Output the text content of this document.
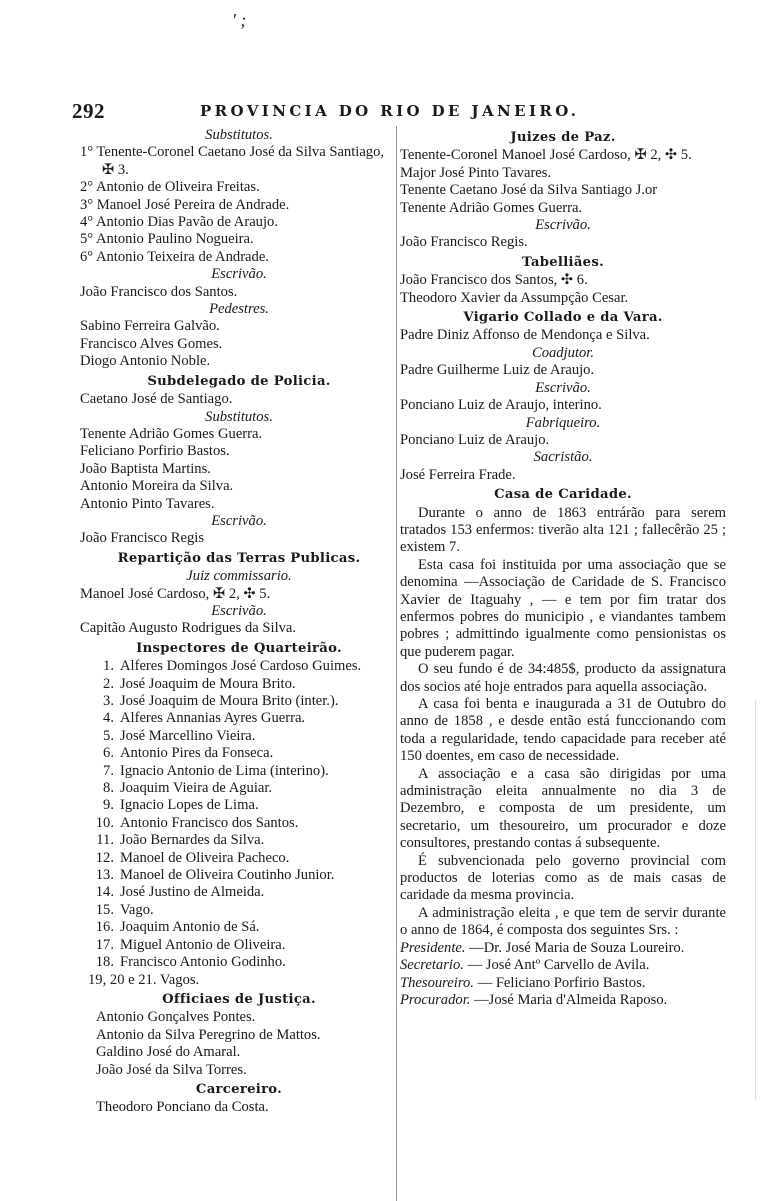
' ;
292	PROVINCIA DO RIO DE JANEIRO.
Substitutos.
1° Tenente-Coronel Caetano José da Silva Santiago, ✠ 3.
2° Antonio de Oliveira Freitas.
3° Manoel José Pereira de Andrade.
4° Antonio Dias Pavão de Araujo.
5° Antonio Paulino Nogueira.
6° Antonio Teixeira de Andrade.
Escrivão.
João Francisco dos Santos.
Pedestres.
Sabino Ferreira Galvão.
Francisco Alves Gomes.
Diogo Antonio Noble.
Subdelegado de Policia.
Caetano José de Santiago.
Substitutos.
Tenente Adrião Gomes Guerra.
Feliciano Porfirio Bastos.
João Baptista Martins.
Antonio Moreira da Silva.
Antonio Pinto Tavares.
Escrivão.
João Francisco Regis
Repartição das Terras Publicas.
Juiz commissario.
Manoel José Cardoso, ✠ 2, ✣ 5.
Escrivão.
Capitão Augusto Rodrigues da Silva.
Inspectores de Quarteirão.
1. Alferes Domingos José Cardoso Guimes.
2. José Joaquim de Moura Brito.
3. José Joaquim de Moura Brito (inter.).
4. Alferes Annanias Ayres Guerra.
5. José Marcellino Vieira.
6. Antonio Pires da Fonseca.
7. Ignacio Antonio de Lima (interino).
8. Joaquim Vieira de Aguiar.
9. Ignacio Lopes de Lima.
10. Antonio Francisco dos Santos.
11. João Bernardes da Silva.
12. Manoel de Oliveira Pacheco.
13. Manoel de Oliveira Coutinho Junior.
14. José Justino de Almeida.
15. Vago.
16. Joaquim Antonio de Sá.
17. Miguel Antonio de Oliveira.
18. Francisco Antonio Godinho.
19, 20 e 21. Vagos.
Officiaes de Justiça.
Antonio Gonçalves Pontes.
Antonio da Silva Peregrino de Mattos.
Galdino José do Amaral.
João José da Silva Torres.
Carcereiro.
Theodoro Ponciano da Costa.
Juizes de Paz.
Tenente-Coronel Manoel José Cardoso, ✠ 2, ✣ 5.
Major José Pinto Tavares.
Tenente Caetano José da Silva Santiago J.or
Tenente Adrião Gomes Guerra.
Escrivão.
João Francisco Regis.
Tabelliães.
João Francisco dos Santos, ✣ 6.
Theodoro Xavier da Assumpção Cesar.
Vigario Collado e da Vara.
Padre Diniz Affonso de Mendonça e Silva.
Coadjutor.
Padre Guilherme Luiz de Araujo.
Escrivão.
Ponciano Luiz de Araujo, interino.
Fabriqueiro.
Ponciano Luiz de Araujo.
Sacristão.
José Ferreira Frade.
Casa de Caridade.
Durante o anno de 1863 entrárão para serem tratados 153 enfermos: tiverão alta 121 ; fallecêrão 25 ; existem 7.
Esta casa foi instituida por uma associação que se denomina —Associação de Caridade de S. Francisco Xavier de Itaguahy , — e tem por fim tratar dos enfermos pobres do municipio , e viandantes tambem pobres ; admittindo igualmente como pensionistas os que puderem pagar.
O seu fundo é de 34:485$, producto da assignatura dos socios até hoje entrados para aquella associação.
A casa foi benta e inaugurada a 31 de Outubro do anno de 1858 , e desde então está funccionando com toda a regularidade, tendo capacidade para receber até 150 doentes, em caso de necessidade.
A associação e a casa são dirigidas por uma administração eleita annualmente no dia 3 de Dezembro, e composta de um presidente, um secretario, um thesoureiro, um procurador e doze consultores, prestando contas á subsequente.
É subvencionada pelo governo provincial com productos de loterias como as de mais casas de caridade da mesma provincia.
A administração eleita , e que tem de servir durante o anno de 1864, é composta dos seguintes Srs. :
Presidente. —Dr. José Maria de Souza Loureiro.
Secretario. — José Antº Carvello de Avila.
Thesoureiro. — Feliciano Porfirio Bastos.
Procurador. —José Maria d'Almeida Raposo.
